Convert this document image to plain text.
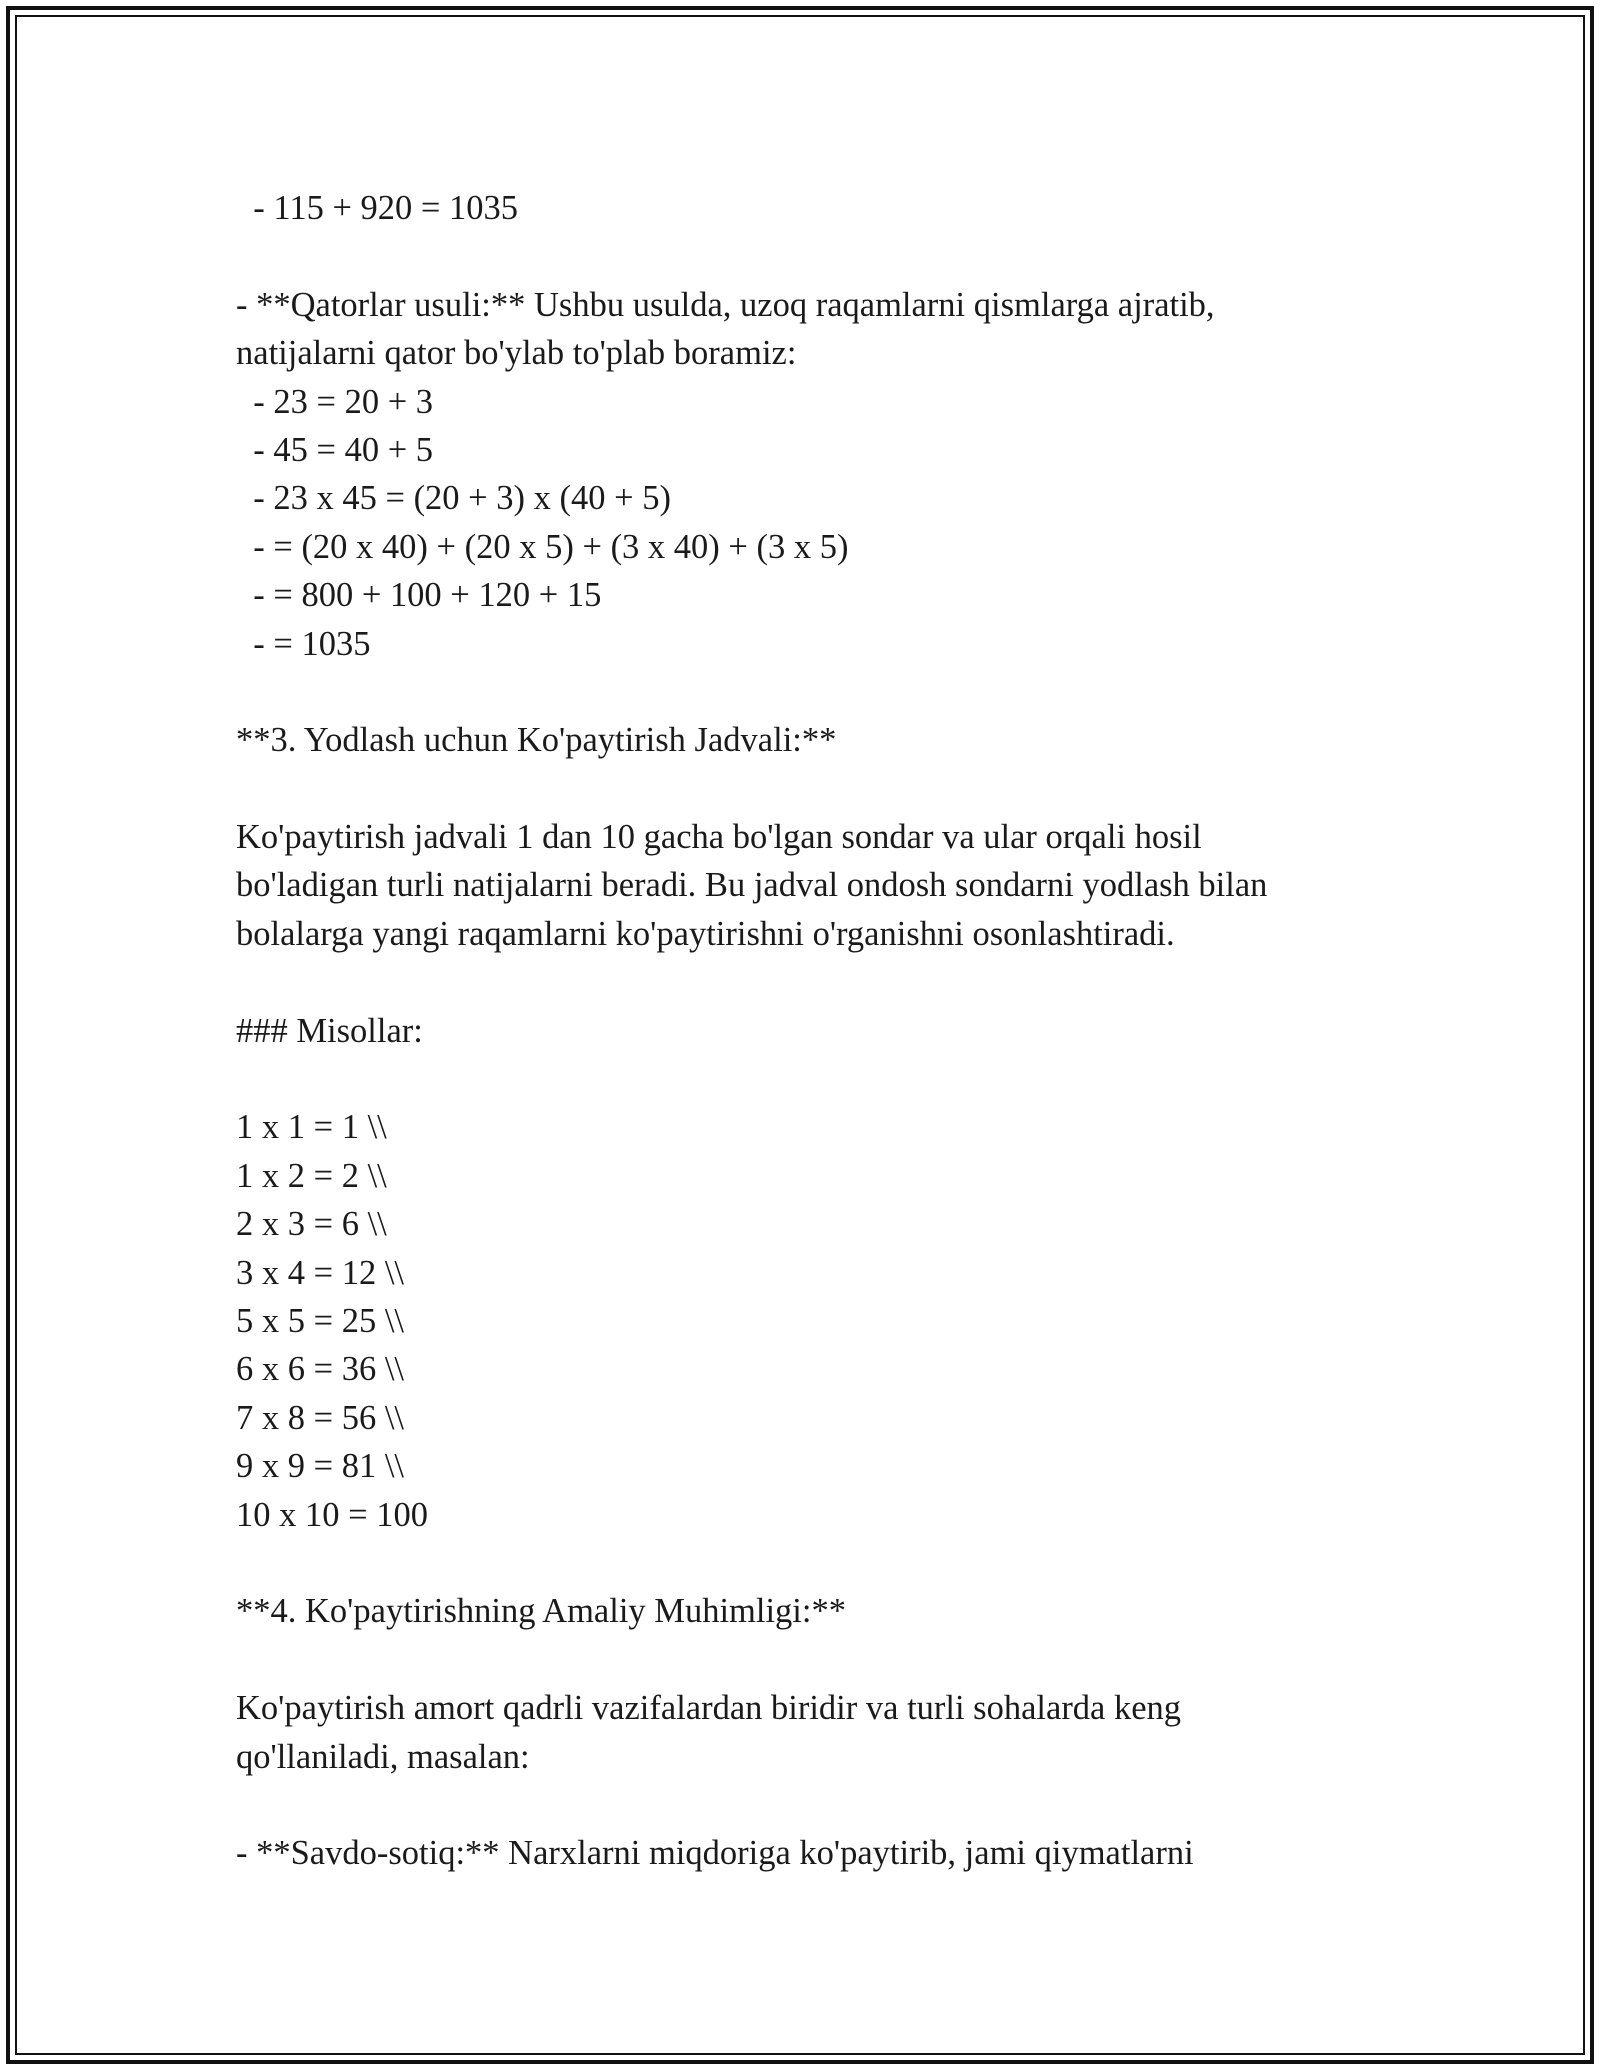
- 115 + 920 = 1035
- **Qatorlar usuli:** Ushbu usulda, uzoq raqamlarni qismlarga ajratib,
natijalarni qator bo'ylab to'plab boramiz:
- 23 = 20 + 3
- 45 = 40 + 5
- 23 x 45 = (20 + 3) x (40 + 5)
- = (20 x 40) + (20 x 5) + (3 x 40) + (3 x 5)
- = 800 + 100 + 120 + 15
- = 1035
**3. Yodlash uchun Ko'paytirish Jadvali:**
Ko'paytirish jadvali 1 dan 10 gacha bo'lgan sondar va ular orqali hosil
bo'ladigan turli natijalarni beradi. Bu jadval ondosh sondarni yodlash bilan
bolalarga yangi raqamlarni ko'paytirishni o'rganishni osonlashtiradi.
### Misollar:
1 x 1 = 1 \\
1 x 2 = 2 \\
2 x 3 = 6 \\
3 x 4 = 12 \\
5 x 5 = 25 \\
6 x 6 = 36 \\
7 x 8 = 56 \\
9 x 9 = 81 \\
10 x 10 = 100
**4. Ko'paytirishning Amaliy Muhimligi:**
Ko'paytirish amort qadrli vazifalardan biridir va turli sohalarda keng
qo'llaniladi, masalan:
- **Savdo-sotiq:** Narxlarni miqdoriga ko'paytirib, jami qiymatlarni
